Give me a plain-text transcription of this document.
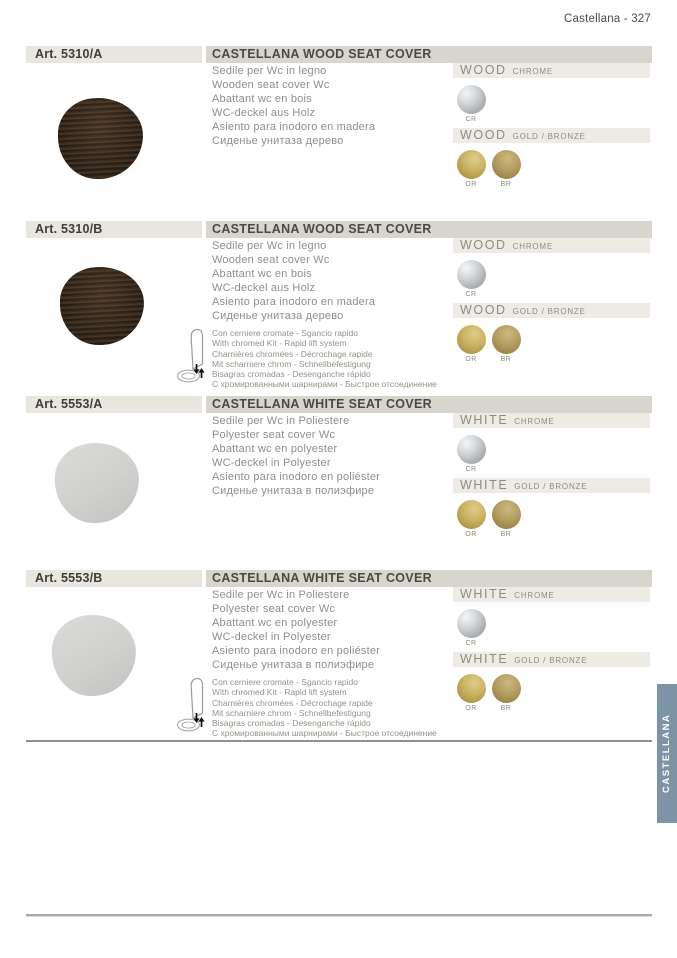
Castellana - 327
Art. 5310/A	CASTELLANA WOOD SEAT COVER
Sedile per Wc in legno
Wooden seat cover Wc
Abattant wc en bois
WC-deckel aus Holz
Asiento para inodoro en madera
Сиденье унитаза дерево
WOOD CHROME
CR
WOOD GOLD / BRONZE
OR	BR
Art. 5310/B	CASTELLANA WOOD SEAT COVER
Sedile per Wc in legno
Wooden seat cover Wc
Abattant wc en bois
WC-deckel aus Holz
Asiento para inodoro en madera
Сиденье унитаза дерево
Con cerniere cromate - Sgancio rapido
With chromed Kit - Rapid lift system
Charnières chromées - Décrochage rapide
Mit scharniere chrom - Schnellbefestigung
Bisagras cromadas - Desenganche rápido
С хромированными шарнирами - Быстрое отсоединение
WOOD CHROME
CR
WOOD GOLD / BRONZE
OR	BR
Art. 5553/A	CASTELLANA WHITE SEAT COVER
Sedile per Wc in Poliestere
Polyester seat cover Wc
Abattant wc en polyester
WC-deckel in Polyester
Asiento para inodoro en poliéster
Сиденье унитаза в полиэфире
WHITE CHROME
CR
WHITE GOLD / BRONZE
OR	BR
Art. 5553/B	CASTELLANA WHITE SEAT COVER
Sedile per Wc in Poliestere
Polyester seat cover Wc
Abattant wc en polyester
WC-deckel in Polyester
Asiento para inodoro en poliéster
Сиденье унитаза в полиэфире
Con cerniere cromate - Sgancio rapido
With chromed Kit - Rapid lift system
Charnières chromées - Décrochage rapide
Mit scharniere chrom - Schnellbefestigung
Bisagras cromadas - Desenganche rápido
С хромированными шарнирами - Быстрое отсоединение
WHITE CHROME
CR
WHITE GOLD / BRONZE
OR	BR
CASTELLANA
